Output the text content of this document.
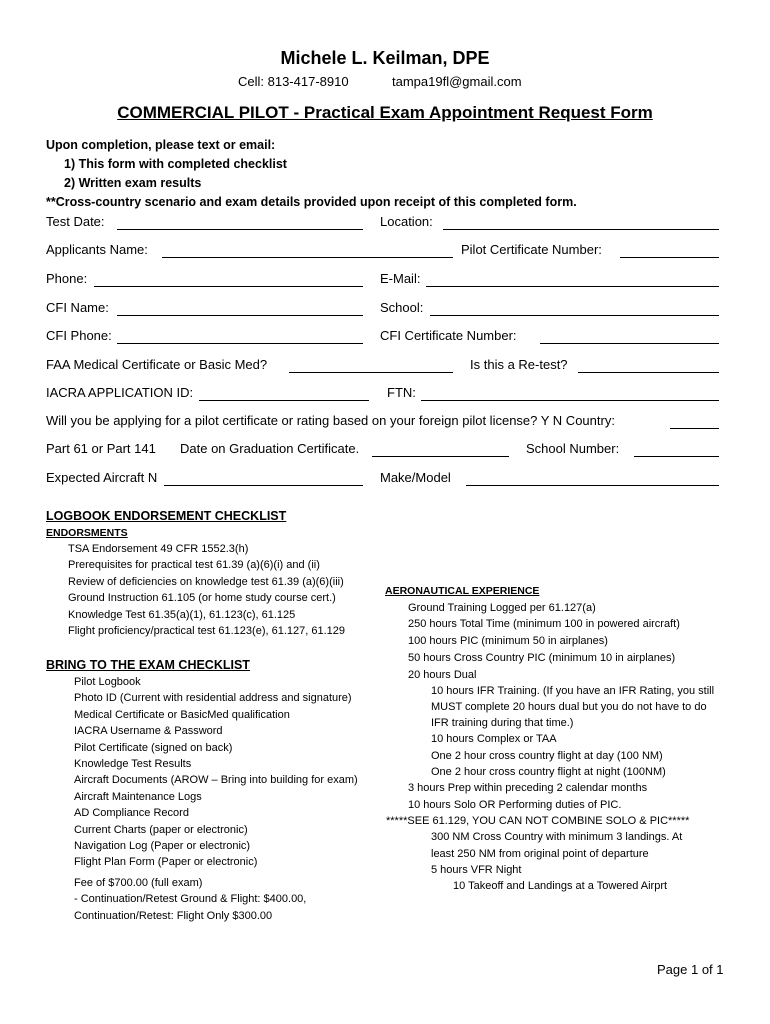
Michele L. Keilman, DPE
Cell: 813-417-8910	tampa19fl@gmail.com
COMMERCIAL PILOT - Practical Exam Appointment Request Form
Upon completion, please text or email:
1) This form with completed checklist
2) Written exam results
**Cross-country scenario and exam details provided upon receipt of this completed form.
Test Date:	Location:
Applicants Name:	Pilot Certificate Number:
Phone:	E-Mail:
CFI Name:	School:
CFI Phone:	CFI Certificate Number:
FAA Medical Certificate or Basic Med?	Is this a Re-test?
IACRA APPLICATION ID:	FTN:
Will you be applying for a pilot certificate or rating based on your foreign pilot license? Y N Country:
Part 61 or Part 141 Date on Graduation Certificate.	School Number:
Expected Aircraft N	Make/Model
LOGBOOK ENDORSEMENT CHECKLIST
ENDORSMENTS
TSA Endorsement 49 CFR 1552.3(h)
Prerequisites for practical test 61.39 (a)(6)(i) and (ii)
Review of deficiencies on knowledge test 61.39 (a)(6)(iii)
Ground Instruction 61.105 (or home study course cert.)
Knowledge Test 61.35(a)(1), 61.123(c), 61.125
Flight proficiency/practical test 61.123(e), 61.127, 61.129
BRING TO THE EXAM CHECKLIST
Pilot Logbook
Photo ID (Current with residential address and signature)
Medical Certificate or BasicMed qualification
IACRA Username & Password
Pilot Certificate (signed on back)
Knowledge Test Results
Aircraft Documents (AROW – Bring into building for exam)
Aircraft Maintenance Logs
AD Compliance Record
Current Charts (paper or electronic)
Navigation Log (Paper or electronic)
Flight Plan Form (Paper or electronic)
Fee of $700.00 (full exam)
- Continuation/Retest Ground & Flight: $400.00,
Continuation/Retest: Flight Only $300.00
AERONAUTICAL EXPERIENCE
Ground Training Logged per 61.127(a)
250 hours Total Time (minimum 100 in powered aircraft)
100 hours PIC (minimum 50 in airplanes)
50 hours Cross Country PIC (minimum 10 in airplanes)
20 hours Dual
10 hours IFR Training. (If you have an IFR Rating, you still
MUST complete 20 hours dual but you do not have to do
IFR training during that time.)
10 hours Complex or TAA
One 2 hour cross country flight at day (100 NM)
One 2 hour cross country flight at night (100NM)
3 hours Prep within preceding 2 calendar months
10 hours Solo OR Performing duties of PIC.
*****SEE 61.129, YOU CAN NOT COMBINE SOLO & PIC*****
300 NM Cross Country with minimum 3 landings. At
least 250 NM from original point of departure
5 hours VFR Night
10 Takeoff and Landings at a Towered Airprt
Page 1 of 1
